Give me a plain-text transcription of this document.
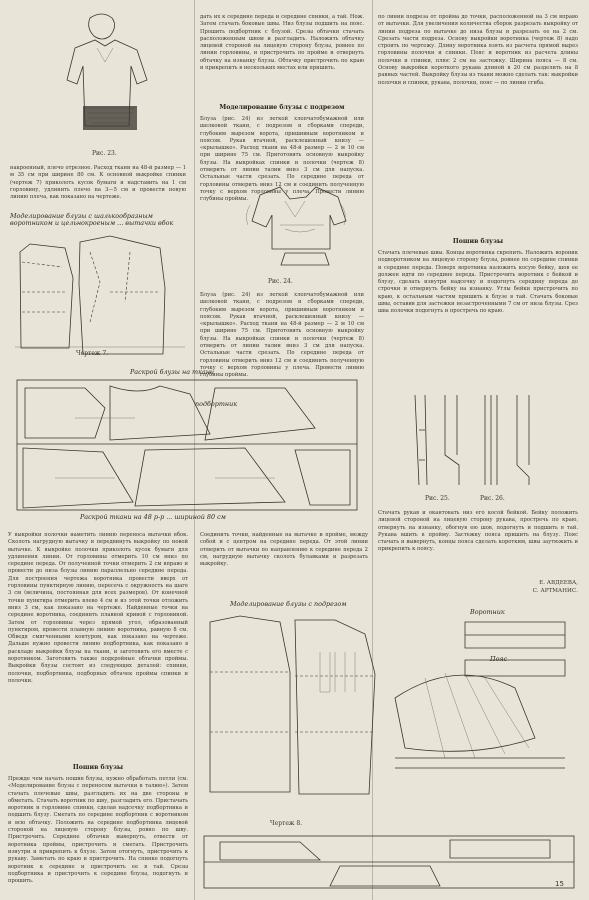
Рис. 23.
накроенный, плечо отрезное. Расход ткани на 48-й размер — 1 м 35 см при ширине 80 см. К основной выкройке спинки (чертеж 7) приколоть кусок бумаги и надставить на 1 см горловину, удлинить плечо на 3—5 см и провести новую линию плеча, как показано на чертеже.
Моделирование блузы с шалькообразным воротником и цельнокроеным ... вытачки вбок
Чертеж 7.
дать их к середине переда и середине спинки, а тай. Нож. Затем стачать боковые швы. Низ блузы подшить на пояс. Прошить подбортник с блузой. Срезы обтачки стачать расположенным швом и разгладить. Наложить обтачку лицевой стороной на лицевую сторону блузы, ровнее по линии горловины, и пристрочить по пройме и отвернуть обтачку на изнанку блузы. Обтачку пристрочить по краю и прикрепить в нескольких местах или пришить.
Моделирование блузы с подрезом
Блуза (рис. 24) из легкой хлопчатобумажной или шелковой ткани, с подрезом и сборками спереди, глубоким вырезом ворота, пришивным воротником и поясом. Рукав втачной, расклешенный книзу — «крылышко». Расход ткани на 48-й размер — 2 м 10 см при ширине 75 см. Приготовить основную выкройку блузы. На выкройках спинки и полочки (чертеж 8) отмерить от линии талии вниз 3 см для напуска. Остальные части срезать. По середине переда от горловины отмерить вниз 12 см и соединить полученную точку с верхом горловины у плеча. Провести линию глубины проймы.
Рис. 24.
Блуза (рис. 24) из легкой хлопчатобумажной или шелковой ткани, с подрезом и сборками спереди, глубоким вырезом ворота, пришивным воротником и поясом. Рукав втачной, расклешенный книзу — «крылышко». Расход ткани на 48-й размер — 2 м 10 см при ширине 75 см. Приготовить основную выкройку блузы. На выкройках спинки и полочки (чертеж 8) отмерить от линии талии вниз 3 см для напуска. Остальные части срезать. По середине переда от горловины отмерить вниз 12 см и соединить полученную точку с верхом горловины у плеча. Провести линию глубины проймы.
по линии подреза от пройма до точки, расположенной на 3 см вправо от вытачки. Для увеличения количества сборок разрезать выкройку от линии подреза по вытачке до низа блузы и разрезать ее на 2 см. Срезать части подреза. Основу выкройки воротника (чертеж 8) надо строить по чертежу. Длину воротника взять из расчета прямой вырез горловины полочки и спинки. Пояс и воротник из расчета длины полочки и спинки, плюс 2 см на застежку. Ширина пояса — 8 см. Основу выкройки короткого рукава длиной в 20 см разделить на 8 равных частей. Выкройку блузы из ткани можно сделать так: выкройки полочки и спинки, рукава, полочки, пояс — по линии сгиба.
Пошив блузы
Стачать плечевые швы. Концы воротника скрепить. Наложить вороник подворотником на лицевую сторону блузы, ровнее по середине спинки и середине переда. Поверх воротника наложить косую бейку, шов ее должен идти по середине переда. Пристрочить воротник с бейкой и блузу, сделать изнутри надсечку и подогнуть середину переда до строчки и отвернуть бейку на изнанку. Углы бейки пристрочить по краю, к остальным частям пришить к блузе в тай. Стачать боковые швы, оставив для застежки незастроченными 7 см от низа блузы. Срез шва полочки подогнуть и простречь по краю.
Рис. 25.	Рис. 26.
Раскрой блузы на ткани
подбортник
Раскрой ткани на 48 р-р ... шириной 80 см	Стачать рукав и окантовать низ его косой бейкой. Бейку положить лицевой стороной на лицевую сторону рукава, простречь по краю, отвернуть на изнанку, обогнув ею шов, подогнуть и подшить в тай. Рукава вшить в пройму. Застежку пояса пришить на блузу. Пояс стачать и вывернуть, концы пояса сделать коротким, швы заутюжить и прикрепить к поясу.
Е. АВДЕЕВА,
С. АРТМАНИС.
У выкройки полочки наметить линию переноса вытачки вбок. Сколоть нагрудную вытачку и передвинуть выкройку по новой вытачке. К выкройке полочки приколоть кусок бумаги для удлинения линии. От горловины отмерить 10 см вниз по середине переда. От полученной точки отмерить 2 см вправо и провести до низа блузы линию параллельно середине переда. Для построения чертежа воротника провести вверх от горловины пунктирную линию, пересечь с окружность на шаге 3 см (величина, постоянная для всех размеров). От конечной точки пунктира отмерить влево 4 см и из этой точки отложить вниз 3 см, как показано на чертеже. Найденные точки на середине воротника, соединить плавной кривой с горловиной. Затем от горловины через прямой угол, образованный пунктиром, провести плавную линию воротника, равную 8 см. Обведя смягченными контуром, как показано на чертеже. Дальше нужно провести линию подбортника, как показано в раскладе выкройки блузы на ткани, и заготовить его вместе с воротником. Заготовить также подкройные обтачки проймы. Выкройки блузы состоят из следующих деталей: спинки, полочки, подбортника, подборных обтачек проймы спинки и полочки.
Соединить точки, найденные на вытачке и пройме, между собой и с центром на середине переда. От этой линии отмерить от вытачки по направлению к середине переда 2 см, нагрудную вытачку сколоть булавками и разрезать выкройку.
Моделирование блузы с подрезом
Чертеж 8.
Воротник
Пояс
Пошив блузы
Прежде чем начать пошив блузы, нужно обработать петли (см. «Моделирование блузы с переносом вытачки в талию»). Затем стачать плечевые швы, разгладить их на две стороны и обметать. Стачать воротник по шву, разгладить его. Пристачать воротник и горловине спинки, сделав надсечку подбортника и подшить блузу. Сметать по середине подбортник с воротником и всю обтачку. Положить на середине подбортника лицевой стороной на лицевую сторону блузы, ровно по шву. Пристрочить. Середине обтачки вывернуть, отвести от воротника проймы, пристрочить и сметать. Пристрочить изнутри и прикрепить к блузе. Затем отогнуть, пристрочить к рукаву. Заметать по краю и пристрочить. На спинке подогнуть воротник к середине и пристрочить ее в тай. Срезы подбортника и пристрочить к середине блузы, подогнуть и прошить.	15
